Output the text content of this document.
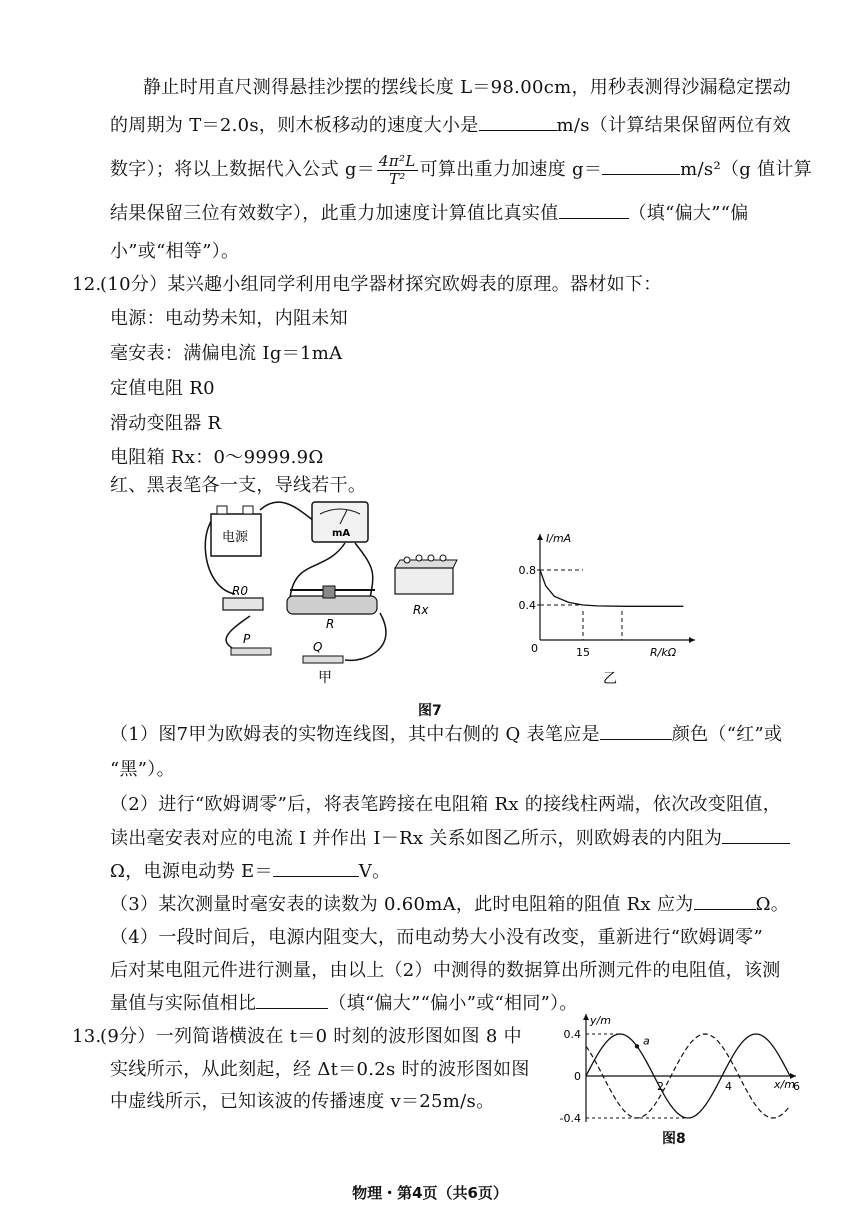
静止时用直尺测得悬挂沙摆的摆线长度 L＝98.00cm，用秒表测得沙漏稳定摆动
的周期为 T＝2.0s，则木板移动的速度大小是	m/s（计算结果保留两位有效
数字）；将以上数据代入公式 $g= \frac{\text{4π²L}}{\text{T²}}$ 可算出重力加速度 g＝	m/s²（g 值计算
结果保留三位有效数字），此重力加速度计算值比真实值	（填“偏大”“偏
小”或“相等”）。
12.
(10分）某兴趣小组同学利用电学器材探究欧姆表的原理。器材如下：
电源：电动势未知，内阻未知
毫安表：满偏电流 Ig＝1mA
定值电阻 R0
滑动变阻器 R
电阻箱 Rx：0～9999.9Ω
红、黑表笔各一支，导线若干。
电源	mA
R0
R
P
Q
Rx
甲
I/mA
R/kΩ
0
0.4
0.8
15
乙
图7
（1）图7甲为欧姆表的实物连线图，其中右侧的 Q 表笔应是	颜色（“红”或
“黑”）。
（2）进行“欧姆调零”后，将表笔跨接在电阻箱 Rx 的接线柱两端，依次改变阻值，
读出毫安表对应的电流 I 并作出 I－Rx 关系如图乙所示，则欧姆表的内阻为
Ω，电源电动势 E＝	V。
（3）某次测量时毫安表的读数为 0.60mA，此时电阻箱的阻值 Rx 应为	Ω。
（4）一段时间后，电源内阻变大，而电动势大小没有改变，重新进行“欧姆调零”
后对某电阻元件进行测量，由以上（2）中测得的数据算出所测元件的电阻值，该测
量值与实际值相比	（填“偏大”“偏小”或“相同”）。
13.
(9分）一列简谐横波在 t＝0 时刻的波形图如图 8 中
实线所示，从此刻起，经 Δt＝0.2s 时的波形图如图
中虚线所示，已知该波的传播速度 v＝25m/s。
y/m
x/m
0
0.4
-0.4
2	4	6
a
图8
物理・第4页（共6页）
